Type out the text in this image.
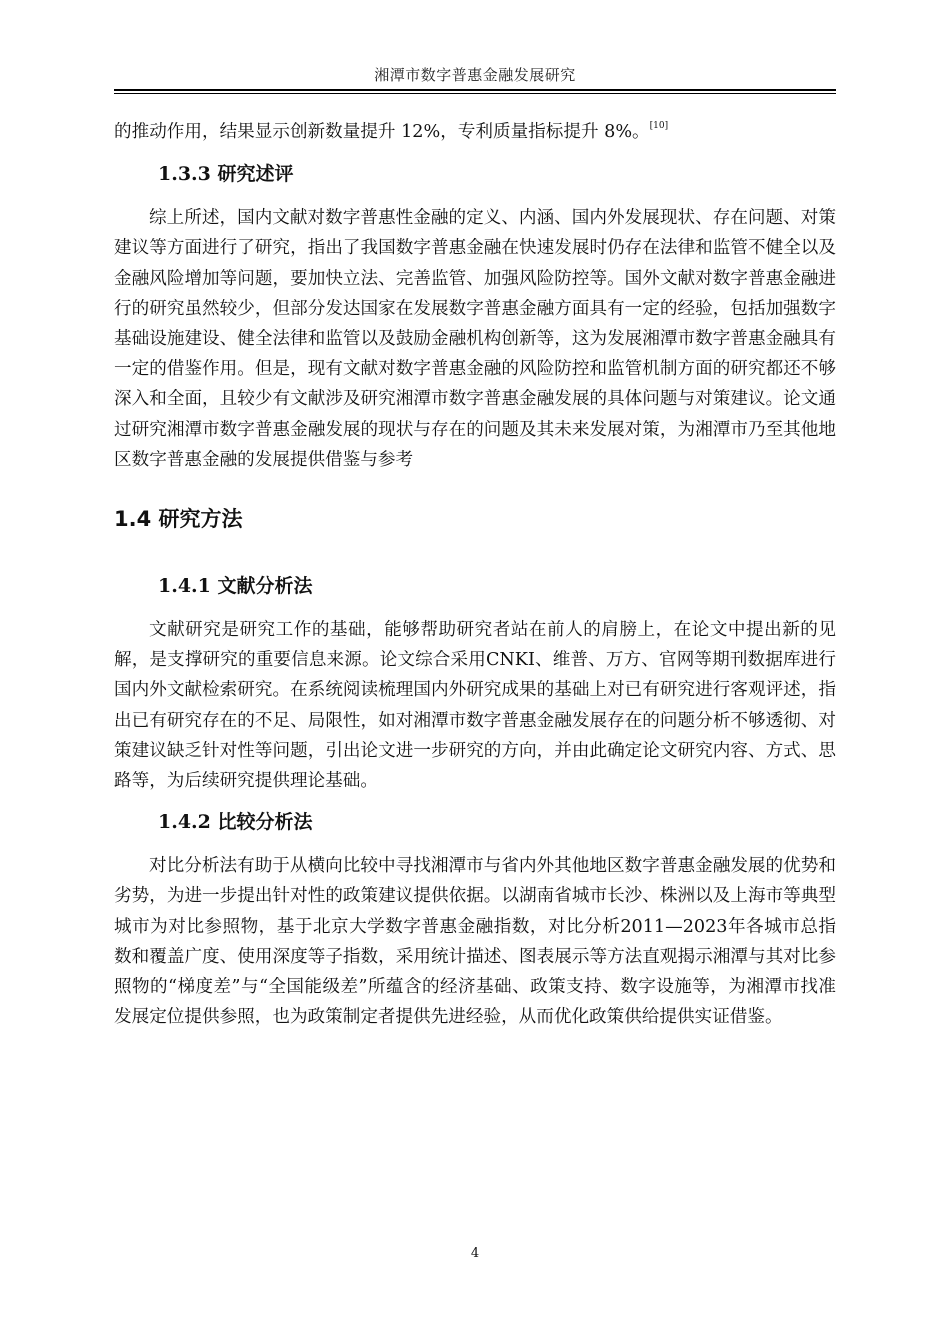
湘潭市数字普惠金融发展研究

的推动作用，结果显示创新数量提升 12%，专利质量指标提升 8%。[10]

1.3.3 研究述评

综上所述，国内文献对数字普惠性金融的定义、内涵、国内外发展现状、存在问题、对策建议等方面进行了研究，指出了我国数字普惠金融在快速发展时仍存在法律和监管不健全以及金融风险增加等问题，要加快立法、完善监管、加强风险防控等。国外文献对数字普惠金融进行的研究虽然较少，但部分发达国家在发展数字普惠金融方面具有一定的经验，包括加强数字基础设施建设、健全法律和监管以及鼓励金融机构创新等，这为发展湘潭市数字普惠金融具有一定的借鉴作用。但是，现有文献对数字普惠金融的风险防控和监管机制方面的研究都还不够深入和全面，且较少有文献涉及研究湘潭市数字普惠金融发展的具体问题与对策建议。论文通过研究湘潭市数字普惠金融发展的现状与存在的问题及其未来发展对策，为湘潭市乃至其他地区数字普惠金融的发展提供借鉴与参考

1.4 研究方法
1.4.1 文献分析法

文献研究是研究工作的基础，能够帮助研究者站在前人的肩膀上，在论文中提出新的见解，是支撑研究的重要信息来源。论文综合采用CNKI、维普、万方、官网等期刊数据库进行国内外文献检索研究。在系统阅读梳理国内外研究成果的基础上对已有研究进行客观评述，指出已有研究存在的不足、局限性，如对湘潭市数字普惠金融发展存在的问题分析不够透彻、对策建议缺乏针对性等问题，引出论文进一步研究的方向，并由此确定论文研究内容、方式、思路等，为后续研究提供理论基础。

1.4.2 比较分析法

对比分析法有助于从横向比较中寻找湘潭市与省内外其他地区数字普惠金融发展的优势和劣势，为进一步提出针对性的政策建议提供依据。以湖南省城市长沙、株洲以及上海市等典型城市为对比参照物，基于北京大学数字普惠金融指数，对比分析2011—2023年各城市总指数和覆盖广度、使用深度等子指数，采用统计描述、图表展示等方法直观揭示湘潭与其对比参照物的“梯度差”与“全国能级差”所蕴含的经济基础、政策支持、数字设施等，为湘潭市找准发展定位提供参照，也为政策制定者提供先进经验，从而优化政策供给提供实证借鉴。

4
